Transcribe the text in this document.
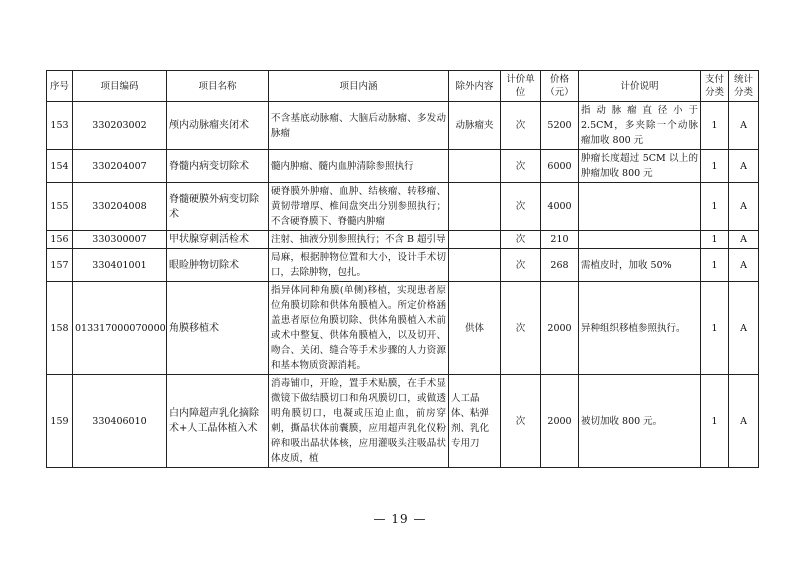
序号	项目编码	项目名称	项目内涵	除外内容	计价单位	价格（元）	计价说明	支付分类	统计分类
153	330203002	颅内动脉瘤夹闭术	不含基底动脉瘤、大脑后动脉瘤、多发动脉瘤	动脉瘤夹	次	5200	指动脉瘤直径小于2.5CM，多夹除一个动脉瘤加收 800 元	1	A
154	330204007	脊髓内病变切除术	髓内肿瘤、髓内血肿清除参照执行		次	6000	肿瘤长度超过 5CM 以上的肿瘤加收 800 元	1	A
155	330204008	脊髓硬膜外病变切除术	硬脊膜外肿瘤、血肿、结核瘤、转移瘤、黄韧带增厚、椎间盘突出分别参照执行；不含硬脊膜下、脊髓内肿瘤		次	4000		1	A
156	330300007	甲状腺穿刺活检术	注射、抽液分别参照执行；不含 B 超引导		次	210		1	A
157	330401001	眼睑肿物切除术	局麻，根据肿物位置和大小，设计手术切口，去除肿物，包扎。		次	268	需植皮时，加收 50%	1	A
158	013317000070000	角膜移植术	指异体同种角膜(单侧)移植，实现患者原位角膜切除和供体角膜植入。所定价格涵盖患者原位角膜切除、供体角膜植入术前或术中整复、供体角膜植入，以及切开、吻合、关闭、缝合等手术步骤的人力资源和基本物质资源消耗。	供体	次	2000	异种组织移植参照执行。	1	A
159	330406010	白内障超声乳化摘除术+人工晶体植入术	消毒铺巾，开睑，置手术贴膜，在手术显微镜下做结膜切口和角巩膜切口，或做透明角膜切口，电凝或压迫止血，前房穿刺，撕晶状体前囊膜，应用超声乳化仪粉碎和吸出晶状体核，应用灌吸头注吸晶状体皮质，植	人工晶体、粘弹剂、乳化专用刀	次	2000	被切加收 800 元。	1	A
— 19 —
